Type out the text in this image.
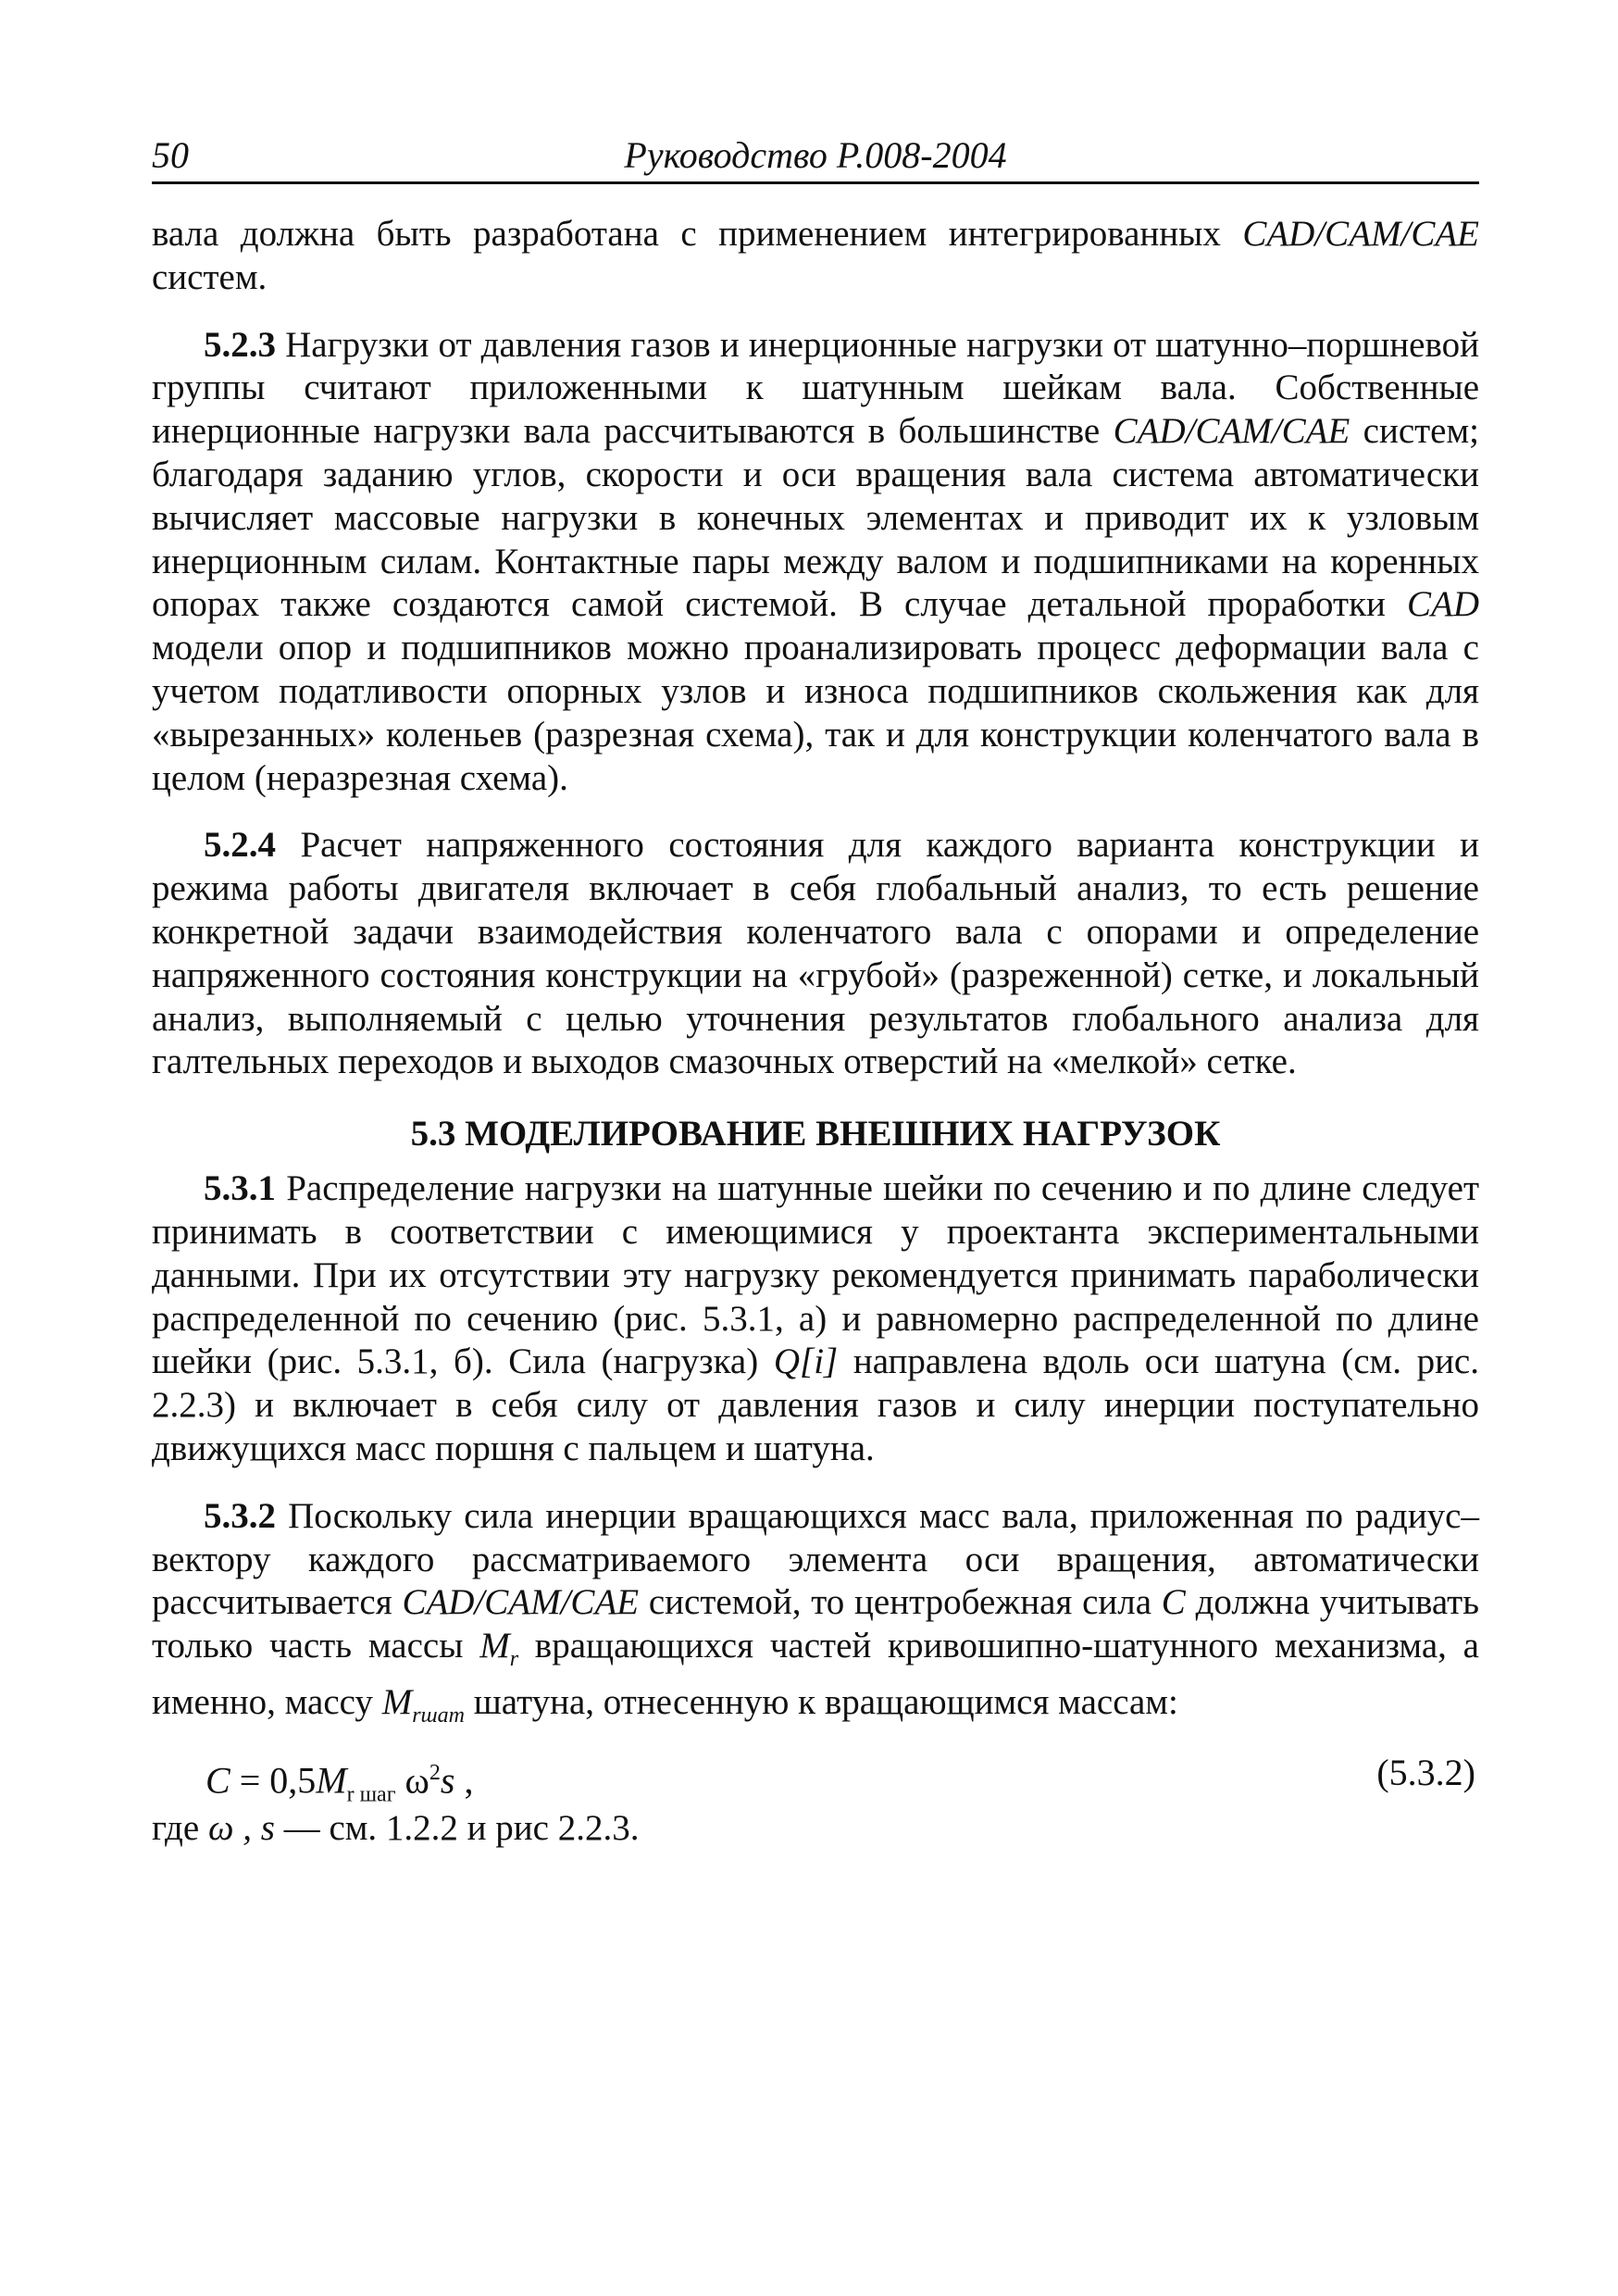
50	Руководство Р.008-2004

вала должна быть разработана с применением интегрированных CAD/CAM/CAE систем.

5.2.3 Нагрузки от давления газов и инерционные нагрузки от шатунно–поршневой группы считают приложенными к шатунным шейкам вала. Собственные инерционные нагрузки вала рассчитываются в большинстве CAD/CAM/CAE систем; благодаря заданию углов, скорости и оси вращения вала система автоматически вычисляет массовые нагрузки в конечных элементах и приводит их к узловым инерционным силам. Контактные пары между валом и подшипниками на коренных опорах также создаются самой системой. В случае детальной проработки CAD модели опор и подшипников можно проанализировать процесс деформации вала с учетом податливости опорных узлов и износа подшипников скольжения как для «вырезанных» коленьев (разрезная схема), так и для конструкции коленчатого вала в целом (неразрезная схема).

5.2.4 Расчет напряженного состояния для каждого варианта конструкции и режима работы двигателя включает в себя глобальный анализ, то есть решение конкретной задачи взаимодействия коленчатого вала с опорами и определение напряженного состояния конструкции на «грубой» (разреженной) сетке, и локальный анализ, выполняемый с целью уточнения результатов глобального анализа для галтельных переходов и выходов смазочных отверстий на «мелкой» сетке.

5.3 МОДЕЛИРОВАНИЕ ВНЕШНИХ НАГРУЗОК

5.3.1 Распределение нагрузки на шатунные шейки по сечению и по длине следует принимать в соответствии с имеющимися у проектанта экспериментальными данными. При их отсутствии эту нагрузку рекомендуется принимать параболически распределенной по сечению (рис. 5.3.1, а) и равномерно распределенной по длине шейки (рис. 5.3.1, б). Сила (нагрузка) Q[i] направлена вдоль оси шатуна (см. рис. 2.2.3) и включает в себя силу от давления газов и силу инерции поступательно движущихся масс поршня с пальцем и шатуна.

5.3.2 Поскольку сила инерции вращающихся масс вала, приложенная по радиус–вектору каждого рассматриваемого элемента оси вращения, автоматически рассчитывается CAD/CAM/CAE системой, то центробежная сила C должна учитывать только часть массы $M_r$ вращающихся частей кривошипно-шатунного механизма, а именно, массу $M_{rшат}$ шатуна, отнесенную к вращающимся массам:

$C = 0,5M_{r шаг}$ $\omega^2s$ ,	(5.3.2)

где ω , s — см. 1.2.2 и рис 2.2.3.
